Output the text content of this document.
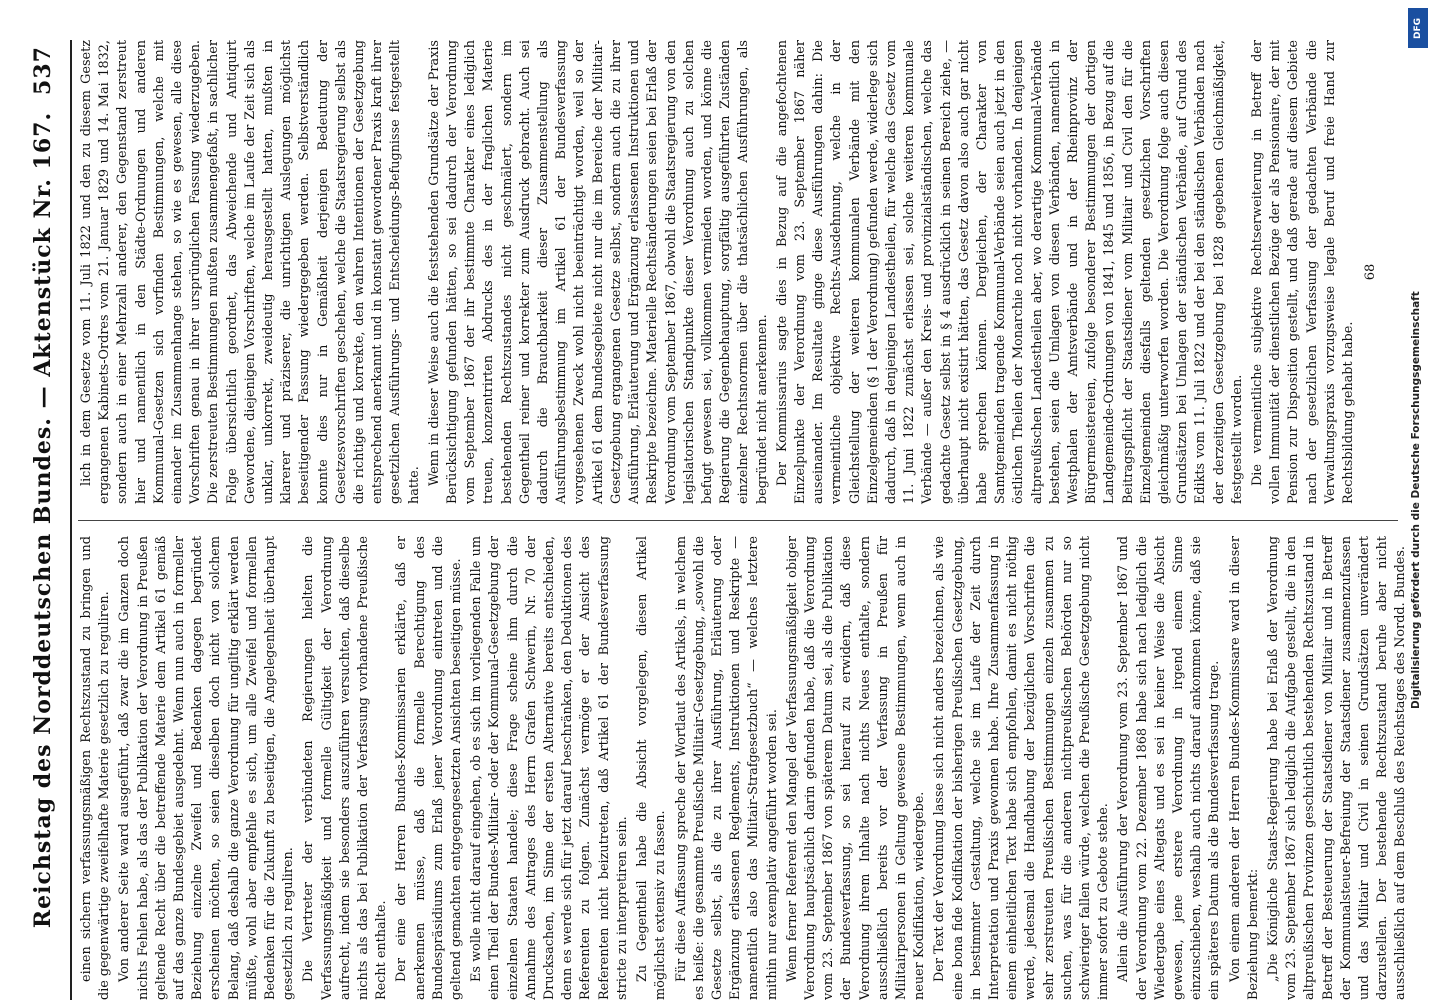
Reichstag des Norddeutschen Bundes. — Aktenstück Nr. 167.
537

einen sichern verfassungsmäßigen Rechtszustand zu bringen und die gegenwärtige zweifelhafte Materie gesetzlich zu reguliren. Von anderer Seite ward ausgeführt, daß zwar die im Ganzen doch nichts Fehlen habe, als das der Publikation der Verordnung in Preußen geltende Recht über die betreffende Materie dem Artikel 61 gemäß auf das ganze Bundesgebiet ausgedehnt. Wenn nun auch in formeller Beziehung einzelne Zweifel und Bedenken dagegen begründet erscheinen möchten, so seien dieselben doch nicht von solchem Belang, daß deshalb die ganze Verordnung für ungiltig erklärt werden müßte, wohl aber empfehle es sich, um alle Zweifel und formellen Bedenken für die Zukunft zu beseitigen, die Angelegenheit überhaupt gesetzlich zu reguliren. Die Vertreter der verbündeten Regierungen hielten die Verfassungsmäßigkeit und formelle Gültigkeit der Verordnung aufrecht, indem sie besonders auszuführen versuchten, daß dieselbe nichts als das bei Publikation der Verfassung vorhandene Preußische Recht enthalte. Der eine der Herren Bundes-Kommissarien erklärte, daß er anerkennen müsse, daß die formelle Berechtigung des Bundespräsidiums zum Erlaß jener Verordnung eintreten und die geltend gemachten entgegengesetzten Ansichten beseitigen müsse. Es wolle nicht darauf eingehen, ob es sich im vorliegenden Falle um einen Theil der Bundes-Militair- oder der Kommunal-Gesetzgebung der einzelnen Staaten handele; diese Frage scheine ihm durch die Annahme des Antrages des Herrn Grafen Schwerin, Nr. 70 der Drucksachen, im Sinne der ersten Alternative bereits entschieden, denn es werde sich für jetzt darauf beschränken, den Deduktionen des Referenten zu folgen. Zunächst vermöge er der Ansicht des Referenten nicht beizutreten, daß Artikel 61 der Bundesverfassung stricte zu interpretiren sein. Zu Gegentheil habe die Absicht vorgelegen, diesen Artikel möglichst extensiv zu fassen. Für diese Auffassung spreche der Wortlaut des Artikels, in welchem es heiße: die gesammte Preußische Militair-Gesetzgebung, „sowohl die Gesetze selbst, als die zu ihrer Ausführung, Erläuterung oder Ergänzung erlassenen Reglements, Instruktionen und Reskripte — namentlich also das Militair-Strafgesetzbuch“ — welches letztere mithin nur exemplativ angeführt worden sei. Wenn ferner Referent den Mangel der Verfassungsmäßigkeit obiger Verordnung hauptsächlich darin gefunden habe, daß die Verordnung vom 23. September 1867 von späterem Datum sei, als die Publikation der Bundesverfassung, so sei hierauf zu erwidern, daß diese Verordnung ihrem Inhalte nach nichts Neues enthalte, sondern ausschließlich bereits vor der Verfassung in Preußen für Militairpersonen in Geltung gewesene Bestimmungen, wenn auch in neuer Kodifikation, wiedergebe. Der Text der Verordnung lasse sich nicht anders bezeichnen, als wie eine bona fide Kodifikation der bisherigen Preußischen Gesetzgebung, in bestimmter Gestaltung, welche sie im Laufe der Zeit durch Interpretation und Praxis gewonnen habe. Ihre Zusammenfassung in einem einheitlichen Text habe sich empfohlen, damit es nicht nöthig werde, jedesmal die Handhabung der bezüglichen Vorschriften die sehr zerstreuten Preußischen Bestimmungen einzeln zusammen zu suchen, was für die anderen nichtpreußischen Behörden nur so schwieriger fallen würde, welchen die Preußische Gesetzgebung nicht immer sofort zu Gebote stehe. Allein die Ausführung der Verordnung vom 23. September 1867 und der Verordnung vom 22. Dezember 1868 habe sich nach lediglich die Wiedergabe eines Altegats und es sei in keiner Weise die Absicht gewesen, jene erstere Verordnung in irgend einem Sinne einzuschieben, weshalb auch nichts darauf ankommen könne, daß sie ein späteres Datum als die Bundesverfassung trage. Von einem anderen der Herren Bundes-Kommissare ward in dieser Beziehung bemerkt: „Die Königliche Staats-Regierung habe bei Erlaß der Verordnung vom 23. September 1867 sich lediglich die Aufgabe gestellt, die in den altpreußischen Provinzen geschichtlich bestehenden Rechtszustand in Betreff der Besteuerung der Staatsdiener von Militair und in Betreff der Kommunalsteuer-Befreiung der Staatsdiener zusammenzufassen und das Militair und Civil in seinen Grundsätzen unverändert darzustellen. Der bestehende Rechtszustand beruhe aber nicht ausschließlich auf dem Beschluß des Reichstages des Nordd. Bundes.

lich in dem Gesetze vom 11. Juli 1822 und den zu diesem Gesetz ergangenen Kabinets-Ordres vom 21. Januar 1829 und 14. Mai 1832, sondern auch in einer Mehrzahl anderer, den Gegenstand zerstreut hier und namentlich in den Städte-Ordnungen und anderen Kommunal-Gesetzen sich vorfinden Bestimmungen, welche mit einander im Zusammenhange stehen, so wie es gewesen, alle diese Vorschriften genau in ihrer ursprünglichen Fassung wiederzugeben. Die zerstreuten Bestimmungen mußten zusammengefaßt, in sachlicher Folge übersichtlich geordnet, das Abweichende und Antiquirt Gewordene, diejenigen Vorschriften, welche im Laufe der Zeit sich als unklar, unkorrekt, zweideutig herausgestellt hatten, mußten in klarerer und präziserer, die unrichtigen Auslegungen möglichst beseitigender Fassung wiedergegeben werden. Selbstverständlich konnte dies nur in Gemäßheit derjenigen Bedeutung der Gesetzesvorschriften geschehen, welche die Staatsregierung selbst als die richtige und korrekte, den wahren Intentionen der Gesetzgebung entsprechend anerkannt und in konstant gewordener Praxis kraft ihrer gesetzlichen Ausführungs- und Entscheidungs-Befugnisse festgestellt hatte. Wenn in dieser Weise auch die feststehenden Grundsätze der Praxis Berücksichtigung gefunden hätten, so sei dadurch der Verordnung vom September 1867 der ihr bestimmte Charakter eines lediglich treuen, konzentrirten Abdrucks des in der fraglichen Materie bestehenden Rechtszustandes nicht geschmälert, sondern im Gegentheil reiner und korrekter zum Ausdruck gebracht. Auch sei dadurch die Brauchbarkeit dieser Zusammenstellung als Ausführungsbestimmung im Artikel 61 der Bundesverfassung vorgesehenen Zweck wohl nicht beeinträchtigt worden, weil so der Artikel 61 dem Bundesgebiete nicht nur die im Bereiche der Militair-Gesetzgebung ergangenen Gesetze selbst, sondern auch die zu ihrer Ausführung, Erläuterung und Ergänzung erlassenen Instruktionen und Reskripte bezeichne. Materielle Rechtsänderungen seien bei Erlaß der Verordnung vom September 1867, obwohl die Staatsregierung von den legislatorischen Standpunkte dieser Verordnung auch zu solchen befugt gewesen sei, vollkommen vermieden worden, und könne die Regierung die Gegenbehauptung, sorgfältig ausgeführten Zuständen einzelner Rechtsnormen über die thatsächlichen Ausführungen, als begründet nicht anerkennen. Der Kommissarius sagte dies in Bezug auf die angefochtenen Einzelpunkte der Verordnung vom 23. September 1867 näher auseinander. Im Resultate ginge diese Ausführungen dahin: Die vermeintliche objektive Rechts-Ausdehnung, welche in der Gleichstellung der weiteren kommunalen Verbände mit den Einzelgemeinden (§ 1 der Verordnung) gefunden werde, widerlege sich dadurch, daß in denjenigen Landestheilen, für welche das Gesetz vom 11. Juni 1822 zunächst erlassen sei, solche weiteren kommunale Verbände — außer den Kreis- und provinzialständischen, welche das gedachte Gesetz selbst in § 4 ausdrücklich in seinen Bereich ziehe, — überhaupt nicht existirt hätten, das Gesetz davon also auch gar nicht habe sprechen können. Dergleichen, der Charakter von Samtgemeinden tragende Kommunal-Verbände seien auch jetzt in den östlichen Theilen der Monarchie noch nicht vorhanden. In denjenigen altpreußischen Landestheilen aber, wo derartige Kommunal-Verbände bestehen, seien die Umlagen von diesen Verbänden, namentlich in Westphalen der Amtsverbände und in der Rheinprovinz der Bürgermeistereien, zufolge besonderer Bestimmungen der dortigen Landgemeinde-Ordnungen von 1841, 1845 und 1856, in Bezug auf die Beitragspflicht der Staatsdiener vom Militair und Civil den für die Einzelgemeinden diesfalls geltenden gesetzlichen Vorschriften gleichmäßig unterworfen worden. Die Verordnung folge auch diesen Grundsätzen bei Umlagen der ständischen Verbände, auf Grund des Edikts vom 11. Juli 1822 und der bei den ständischen Verbänden nach der derzeitigen Gesetzgebung bei 1828 gegebenen Gleichmäßigkeit, festgestellt worden. Die vermeintliche subjektive Rechtserweiterung in Betreff der vollen Immunität der dienstlichen Bezüge der als Pensionaire, der mit Pension zur Disposition gestellt, und daß gerade auf diesem Gebiete nach der gesetzlichen Verfassung der gedachten Verbände die Verwaltungspraxis vorzugsweise legale Beruf und freie Hand zur Rechtsbildung gehabt habe.

68
DFG
Digitalisierung gefördert durch die Deutsche Forschungsgemeinschaft
